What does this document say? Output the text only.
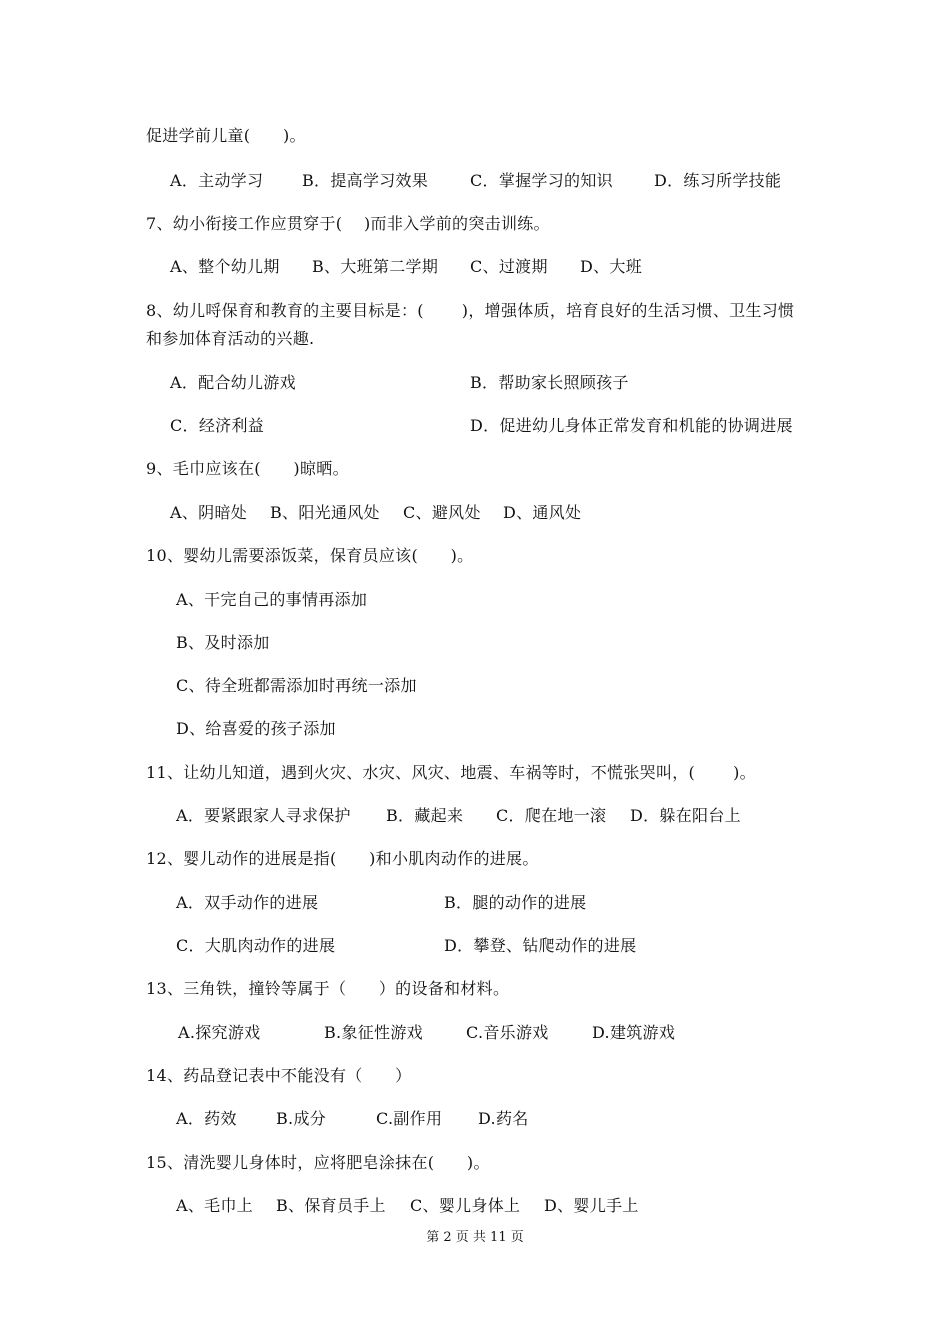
促进学前儿童(　　)。
A．主动学习 B．提高学习效果	C．掌握学习的知识	D．练习所学技能
7、幼小衔接工作应贯穿于(　 )而非入学前的突击训练。
A、整个幼儿期 B、大班第二学期 C、过渡期 D、大班
8、幼儿哷保育和教育的主要目标是：(　　 )，增强体质，培育良好的生活习惯、卫生习惯
和参加体育活动的兴趣.
A．配合幼儿游戏	B．帮助家长照顾孩子
C．经济利益	D．促进幼儿身体正常发育和机能的协调进展
9、毛巾应该在(　　)晾晒。
A、阴暗处 B、阳光通风处 C、避风处 D、通风处
10、婴幼儿需要添饭菜，保育员应该(　　)。
A、干完自己的事情再添加
B、及时添加
C、待全班都需添加时再统一添加
D、给喜爱的孩子添加
11、让幼儿知道，遇到火灾、水灾、风灾、地震、车祸等时，不慌张哭叫，(　　 )。
A．要紧跟家人寻求保护 B．藏起来 C．爬在地一滚 D．躲在阳台上
12、婴儿动作的进展是指(　　)和小肌肉动作的进展。
A．双手动作的进展	B．腿的动作的进展
C．大肌肉动作的进展	D．攀登、钻爬动作的进展
13、三角铁，撞铃等属于（　　）的设备和材料。
A.探究游戏	B.象征性游戏	C.音乐游戏	D.建筑游戏
14、药品登记表中不能没有（　　）
A．药效 B.成分	C.副作用 D.药名
15、清洗婴儿身体时，应将肥皂涂抹在(　　)。
A、毛巾上 B、保育员手上 C、婴儿身体上 D、婴儿手上
第 2 页 共 11 页
